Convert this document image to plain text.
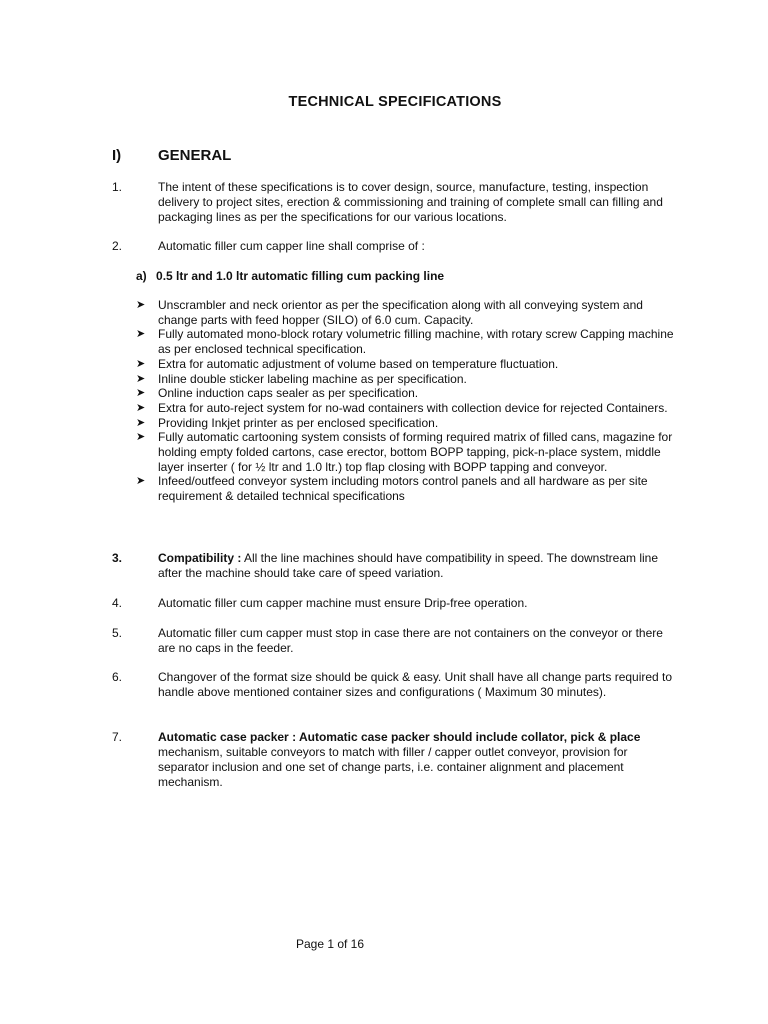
TECHNICAL SPECIFICATIONS
I) GENERAL
1.	The intent of these specifications is to cover design, source, manufacture, testing, inspection delivery to project sites, erection & commissioning and training of complete small can filling and packaging lines as per the specifications for our various locations.
2.	Automatic filler cum capper line shall comprise of :
a) 0.5 ltr and 1.0 ltr automatic filling cum packing line
➤ Unscrambler and neck orientor as per the specification along with all conveying system and change parts with feed hopper (SILO) of 6.0 cum. Capacity.
➤ Fully automated mono-block rotary volumetric filling machine, with rotary screw Capping machine as per enclosed technical specification.
➤ Extra for automatic adjustment of volume based on temperature fluctuation.
➤ Inline double sticker labeling machine as per specification.
➤ Online induction caps sealer as per specification.
➤ Extra for auto-reject system for no-wad containers with collection device for rejected Containers.
➤ Providing Inkjet printer as per enclosed specification.
➤ Fully automatic cartooning system consists of forming required matrix of filled cans, magazine for holding empty folded cartons, case erector, bottom BOPP tapping, pick-n-place system, middle layer inserter ( for ½ ltr and 1.0 ltr.) top flap closing with BOPP tapping and conveyor.
➤ Infeed/outfeed conveyor system including motors control panels and all hardware as per site requirement & detailed technical specifications
3.	Compatibility : All the line machines should have compatibility in speed. The downstream line after the machine should take care of speed variation.
4.	Automatic filler cum capper machine must ensure Drip-free operation.
5.	Automatic filler cum capper must stop in case there are not containers on the conveyor or there are no caps in the feeder.
6.	Changover of the format size should be quick & easy. Unit shall have all change parts required to handle above mentioned container sizes and configurations ( Maximum 30 minutes).
7.	Automatic case packer : Automatic case packer should include collator, pick & place mechanism, suitable conveyors to match with filler / capper outlet conveyor, provision for separator inclusion and one set of change parts, i.e. container alignment and placement mechanism.
Page 1 of 16
